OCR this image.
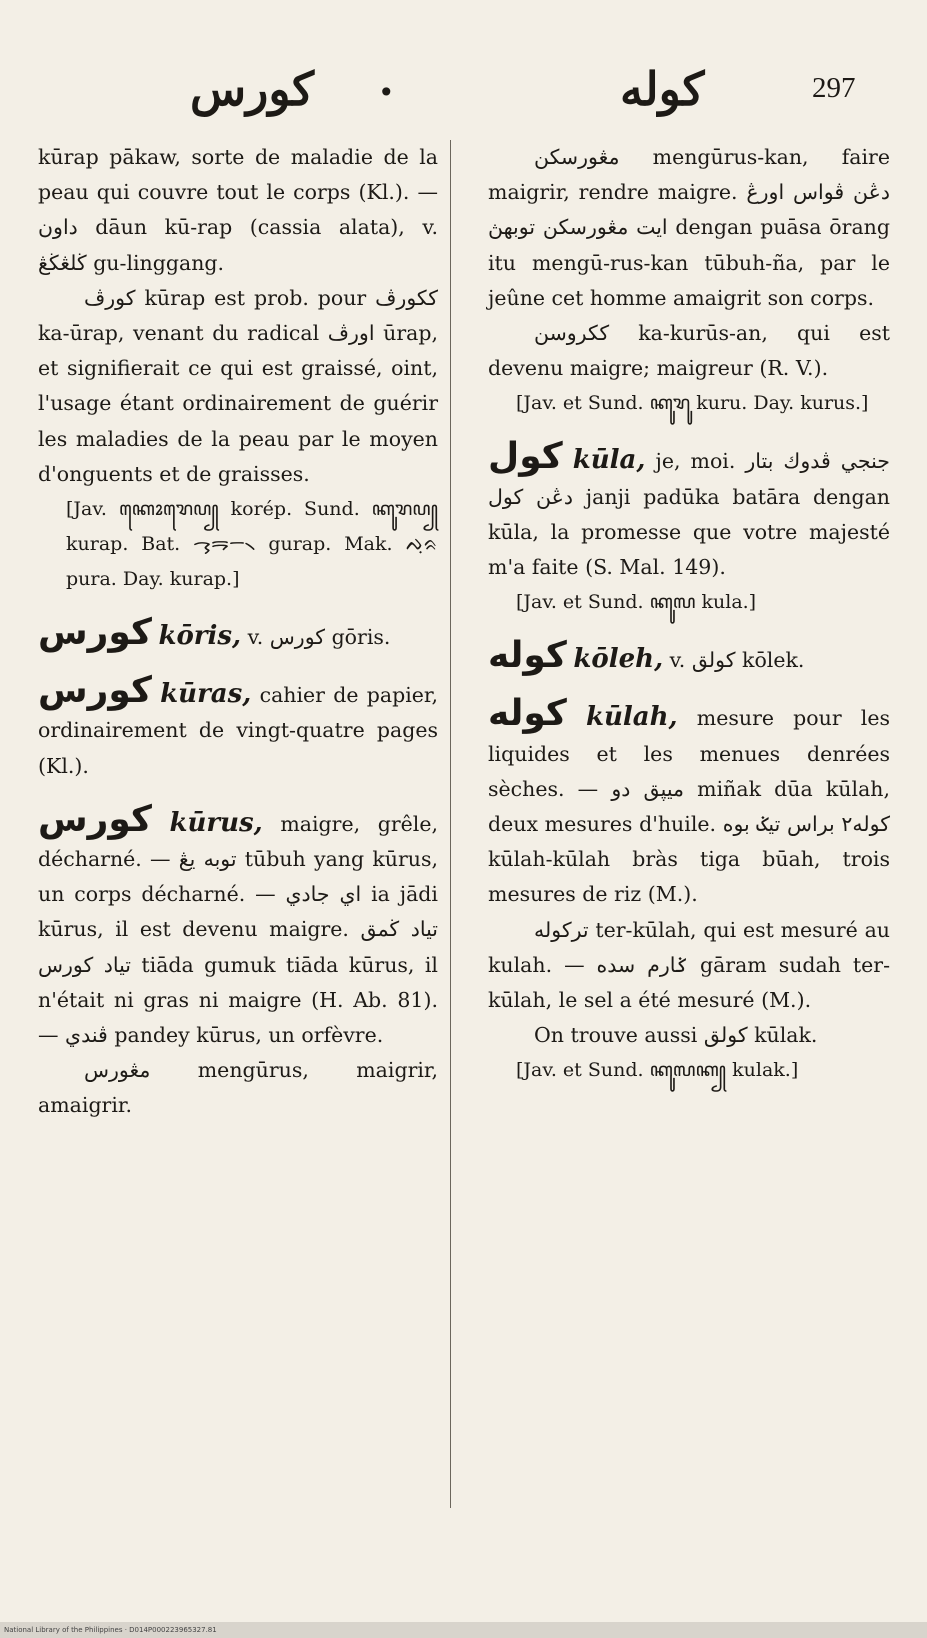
كورس •	كوله	297

kūrap pākaw, sorte de maladie de la peau qui couvre tout le corps (Kl.). — داون dāun kū-rap (cassia alata), v. ڬلڠڬڠ gu-linggang.

كورڤ kūrap est prob. pour ككورڤ ka-ūrap, venant du radical اورڤ ūrap, et signifierait ce qui est graissé, oint, l'usage étant ordinairement de guérir les maladies de la peau par le moyen d'onguents et de graisses.

[Jav. ꦏꦺꦴꦫꦺꦥ꧀ korép. Sund. ꦏꦸꦫꦥ꧀ kurap. Bat. ᯎᯮᯒᯇ᯲ gurap. Mak. ᨄᨘᨑ pura. Day. kurap.]

كورس kōris, v. كورس gōris.

كورس kūras, cahier de papier, ordinairement de vingt-quatre pages (Kl.).

كورس kūrus, maigre, grêle, décharné. — توبه يڠ tūbuh yang kūrus, un corps décharné. — اي جادي ia jādi kūrus, il est devenu maigre. تياد ڬمق تياد كورس tiāda gumuk tiāda kūrus, il n'était ni gras ni maigre (H. Ab. 81). — ڤندي pandey kūrus, un orfèvre.

مڠورس mengūrus, maigrir, amaigrir.

مڠورسكن mengūrus-kan, faire maigrir, rendre maigre. دڠن ڤواس اورڠ ايت مڠورسكن توبهڽ dengan puāsa ōrang itu mengū-rus-kan tūbuh-ña, par le jeûne cet homme amaigrit son corps.

ككروسن ka-kurūs-an, qui est devenu maigre; maigreur (R. V.).

[Jav. et Sund. ꦏꦸꦫꦸ kuru. Day. kurus.]

كول kūla, je, moi. جنجي ڤدوك بتار دڠن كول janji padūka batāra dengan kūla, la promesse que votre majesté m'a faite (S. Mal. 149).

[Jav. et Sund. ꦏꦸꦭ kula.]

كوله kōleh, v. كولق kōlek.

كوله kūlah, mesure pour les liquides et les menues denrées sèches. — ميڽق دو miñak dūa kūlah, deux mesures d'huile. كوله٢ براس تيݢ بوه kūlah-kūlah bràs tiga būah, trois mesures de riz (M.).

تركوله ter-kūlah, qui est mesuré au kulah. — ݢارم سده gāram sudah ter-kūlah, le sel a été mesuré (M.).

On trouve aussi كولق kūlak.

[Jav. et Sund. ꦏꦸꦭꦏ꧀ kulak.]

National Library of the Philippines · D014P000223965327.81
